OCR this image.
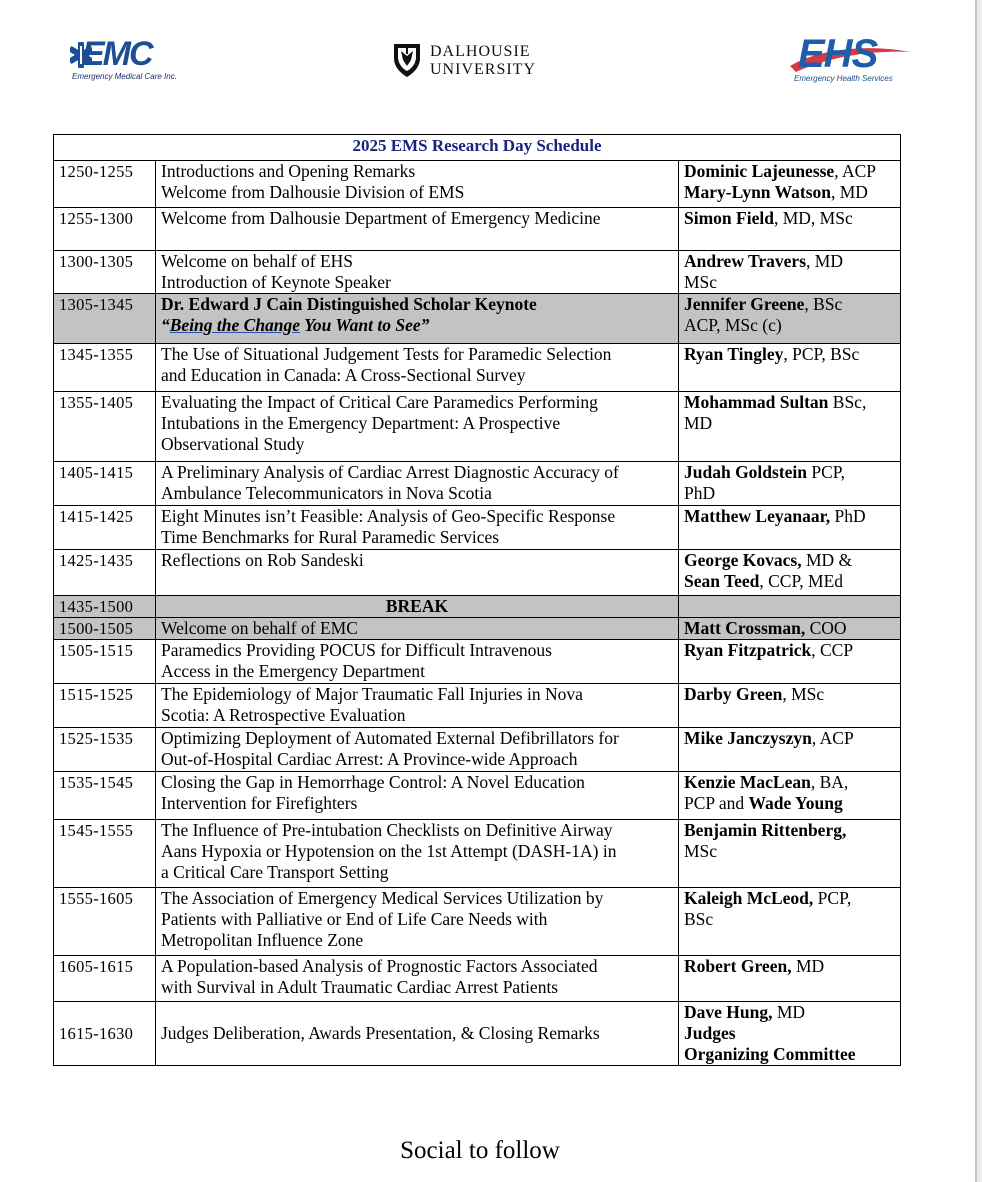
EMC
Emergency Medical Care Inc.
DALHOUSIE
UNIVERSITY	EHS
Emergency Health Services
2025 EMS Research Day Schedule		
1250-1255	Introductions and Opening Remarks
Welcome from Dalhousie Division of EMS	Dominic Lajeunesse, ACP
Mary-Lynn Watson, MD

1255-1300	Welcome from Dalhousie Department of Emergency Medicine	Simon Field, MD, MSc

1300-1305	Welcome on behalf of EHS
Introduction of Keynote Speaker	Andrew Travers, MD
MSc

1305-1345	Dr. Edward J Cain Distinguished Scholar Keynote
“Being the Change You Want to See”	Jennifer Greene, BSc
ACP, MSc (c)

1345-1355	The Use of Situational Judgement Tests for Paramedic Selection
and Education in Canada: A Cross-Sectional Survey	Ryan Tingley, PCP, BSc

1355-1405	Evaluating the Impact of Critical Care Paramedics Performing
Intubations in the Emergency Department: A Prospective
Observational Study	Mohammad Sultan BSc,
MD

1405-1415	A Preliminary Analysis of Cardiac Arrest Diagnostic Accuracy of
Ambulance Telecommunicators in Nova Scotia	Judah Goldstein PCP,
PhD

1415-1425	Eight Minutes isn’t Feasible: Analysis of Geo-Specific Response
Time Benchmarks for Rural Paramedic Services	Matthew Leyanaar, PhD

1425-1435	Reflections on Rob Sandeski	George Kovacs, MD &
Sean Teed, CCP, MEd

1435-1500	BREAK	
1500-1505	Welcome on behalf of EMC	Matt Crossman, COO

1505-1515	Paramedics Providing POCUS for Difficult Intravenous
Access in the Emergency Department	Ryan Fitzpatrick, CCP

1515-1525	The Epidemiology of Major Traumatic Fall Injuries in Nova
Scotia: A Retrospective Evaluation	Darby Green, MSc

1525-1535	Optimizing Deployment of Automated External Defibrillators for
Out-of-Hospital Cardiac Arrest: A Province-wide Approach	Mike Janczyszyn, ACP

1535-1545	Closing the Gap in Hemorrhage Control: A Novel Education
Intervention for Firefighters	Kenzie MacLean, BA,
PCP and Wade Young

1545-1555	The Influence of Pre-intubation Checklists on Definitive Airway
Aans Hypoxia or Hypotension on the 1st Attempt (DASH-1A) in
a Critical Care Transport Setting	Benjamin Rittenberg,
MSc

1555-1605	The Association of Emergency Medical Services Utilization by
Patients with Palliative or End of Life Care Needs with
Metropolitan Influence Zone	Kaleigh McLeod, PCP,
BSc

1605-1615	A Population-based Analysis of Prognostic Factors Associated
with Survival in Adult Traumatic Cardiac Arrest Patients	Robert Green, MD

1615-1630	Judges Deliberation, Awards Presentation, & Closing Remarks	Dave Hung, MD
Judges
Organizing Committee
Social to follow
